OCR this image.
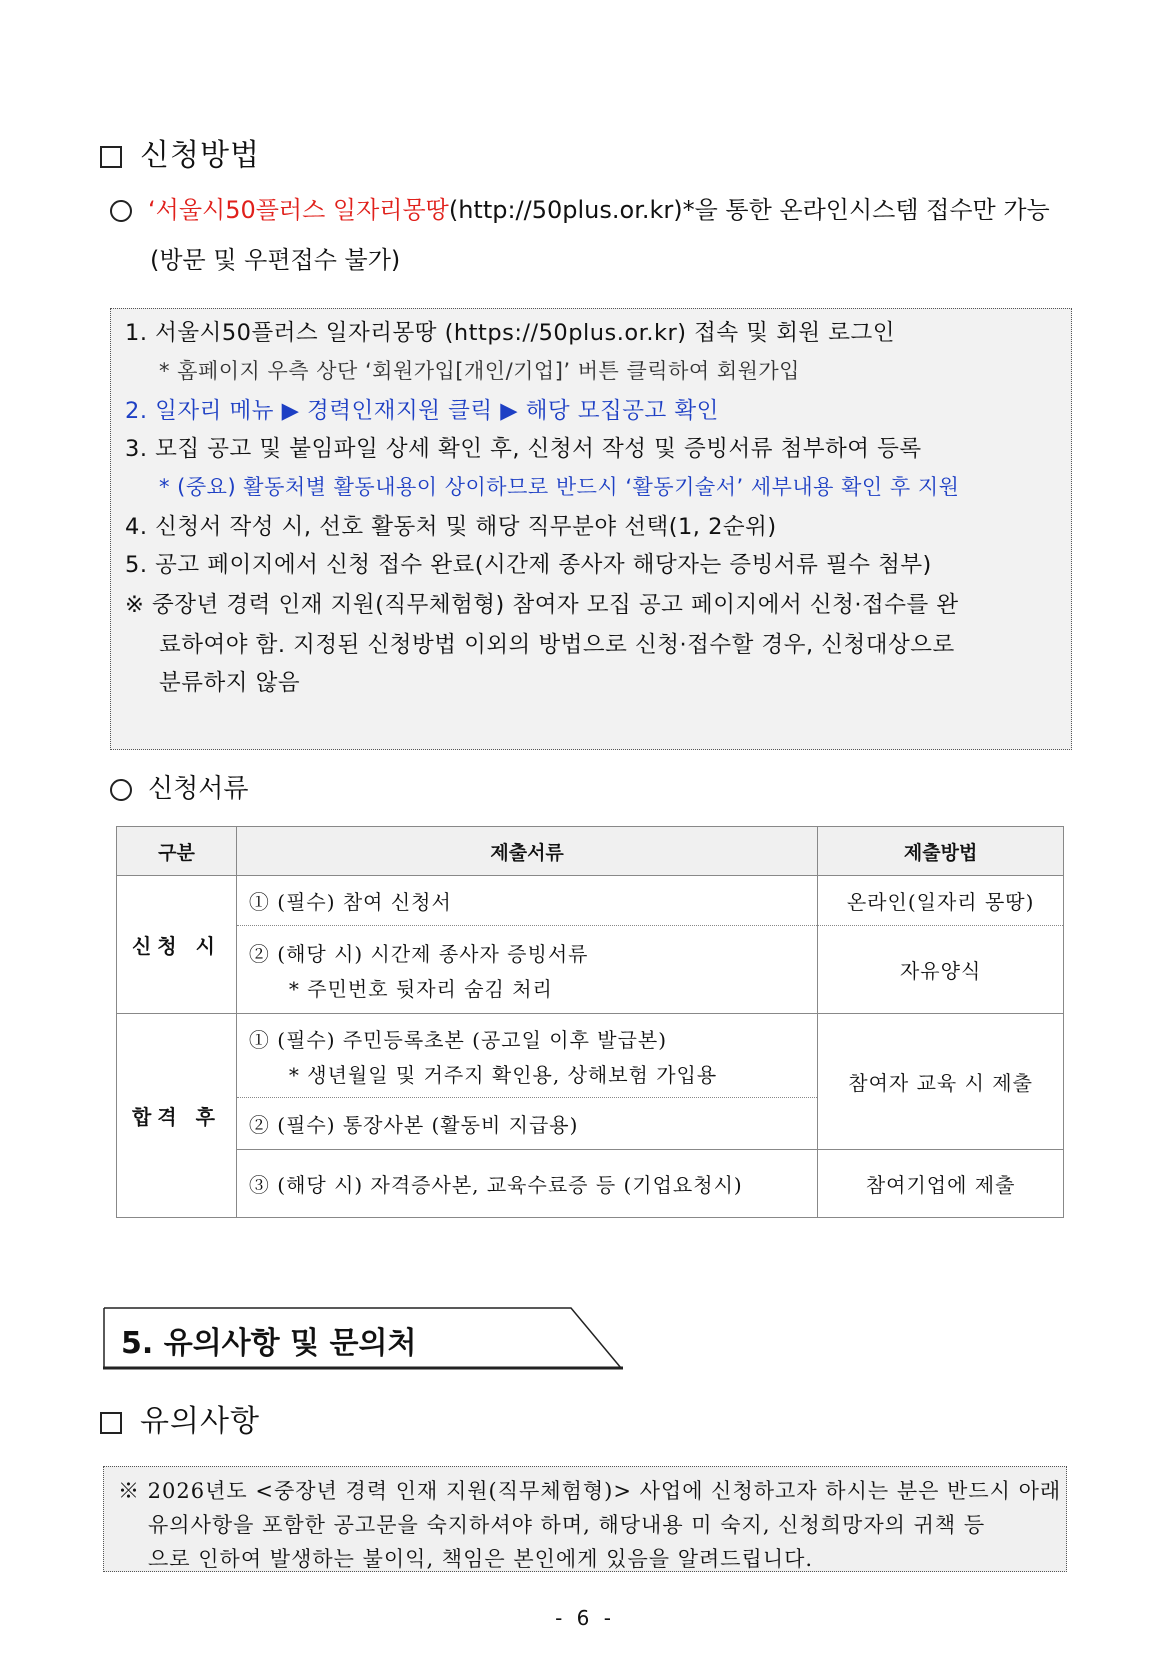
신청방법
‘서울시50플러스 일자리몽땅(http://50plus.or.kr)*을 통한 온라인시스템 접수만 가능
(방문 및 우편접수 불가)
1. 서울시50플러스 일자리몽땅 (https://50plus.or.kr) 접속 및 회원 로그인
* 홈페이지 우측 상단 ‘회원가입[개인/기업]’ 버튼 클릭하여 회원가입
2. 일자리 메뉴 ▶ 경력인재지원 클릭 ▶ 해당 모집공고 확인
3. 모집 공고 및 붙임파일 상세 확인 후, 신청서 작성 및 증빙서류 첨부하여 등록
* (중요) 활동처별 활동내용이 상이하므로 반드시 ‘활동기술서’ 세부내용 확인 후 지원
4. 신청서 작성 시, 선호 활동처 및 해당 직무분야 선택(1, 2순위)
5. 공고 페이지에서 신청 접수 완료(시간제 종사자 해당자는 증빙서류 필수 첨부)
※ 중장년 경력 인재 지원(직무체험형) 참여자 모집 공고 페이지에서 신청·접수를 완
료하여야 함. 지정된 신청방법 이외의 방법으로 신청·접수할 경우, 신청대상으로
분류하지 않음
신청서류
구분	제출서류	제출방법
신청 시	① (필수) 참여 신청서	온라인(일자리 몽땅)
	② (해당 시) 시간제 종사자 증빙서류
* 주민번호 뒷자리 숨김 처리	자유양식
합격 후	① (필수) 주민등록초본 (공고일 이후 발급본)
* 생년월일 및 거주지 확인용, 상해보험 가입용	참여자 교육 시 제출
	② (필수) 통장사본 (활동비 지급용)	
	③ (해당 시) 자격증사본, 교육수료증 등 (기업요청시)	참여기업에 제출
5. 유의사항 및 문의처
유의사항
※ 2026년도 <중장년 경력 인재 지원(직무체험형)> 사업에 신청하고자 하시는 분은 반드시 아래
유의사항을 포함한 공고문을 숙지하셔야 하며, 해당내용 미 숙지, 신청희망자의 귀책 등
으로 인하여 발생하는 불이익, 책임은 본인에게 있음을 알려드립니다.
- 6 -
